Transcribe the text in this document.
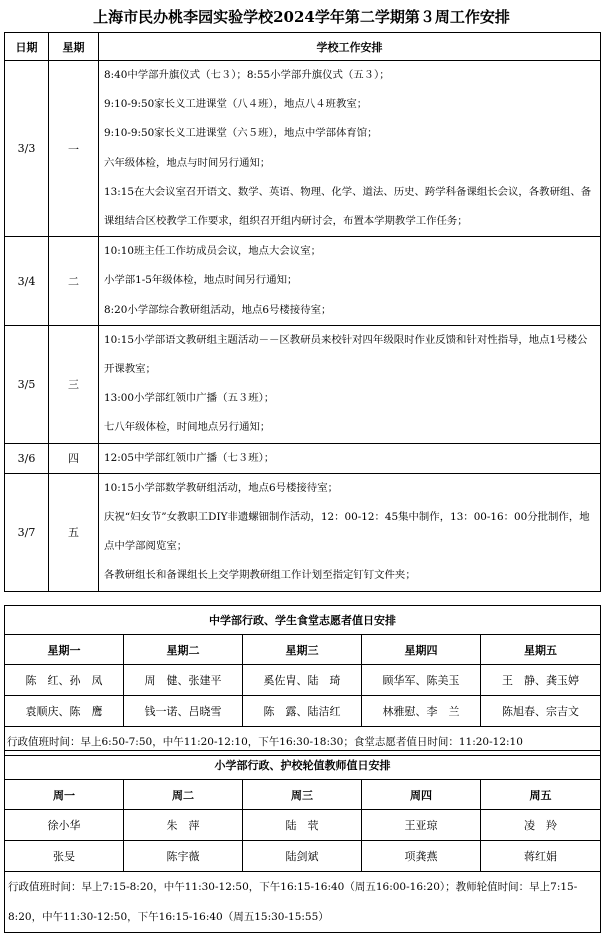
上海市民办桃李园实验学校2024学年第二学期第３周工作安排
日期	星期	学校工作安排
3/3	一	8:40中学部升旗仪式（七３）；8:55小学部升旗仪式（五３）；
9:10-9:50家长义工进课堂（八４班），地点八４班教室；
9:10-9:50家长义工进课堂（六５班），地点中学部体育馆；
六年级体检，地点与时间另行通知；
13:15在大会议室召开语文、数学、英语、物理、化学、道法、历史、跨学科备课组长会议，各教研组、备课组结合区校教学工作要求，组织召开组内研讨会，布置本学期教学工作任务；

3/4	二	10:10班主任工作坊成员会议，地点大会议室；
小学部1-5年级体检，地点时间另行通知；
8:20小学部综合教研组活动，地点6号楼接待室；

3/5	三	10:15小学部语文教研组主题活动－－区教研员来校针对四年级限时作业反馈和针对性指导，地点1号楼公开课教室；
13:00小学部红领巾广播（五３班）；
七八年级体检，时间地点另行通知；

3/6	四	12:05中学部红领巾广播（七３班）；

3/7	五	10:15小学部数学教研组活动，地点6号楼接待室；
庆祝“妇女节”女教职工DIY非遗螺钿制作活动，12：00-12：45集中制作，13：00-16：00分批制作，地点中学部阅览室；
各教研组长和备课组长上交学期教研组工作计划至指定钉钉文件夹；
中学部行政、学生食堂志愿者值日安排				
星期一	星期二	星期三	星期四	星期五
陈　红、孙　凤	周　健、张建平	奚佐胄、陆　琦	顾华军、陈美玉	王　静、龚玉婷
袁顺庆、陈　鹰	钱一诺、吕晓雪	陈　露、陆洁红	林雅慰、李　兰	陈旭春、宗吉文
行政值班时间：早上6:50-7:50，中午11:20-12:10，下午16:30-18:30；食堂志愿者值日时间：11:20-12:10				
小学部行政、护校轮值教师值日安排				
周一	周二	周三	周四	周五
徐小华	朱　萍	陆　茕	王亚琼	凌　羚
张旻	陈宇薇	陆剑斌	项龚燕	蒋红娟
行政值班时间：早上7:15-8:20，中午11:30-12:50，下午16:15-16:40（周五16:00-16:20）；教师轮值时间：早上7:15-8:20，中午11:30-12:50，下午16:15-16:40（周五15:30-15:55）				
